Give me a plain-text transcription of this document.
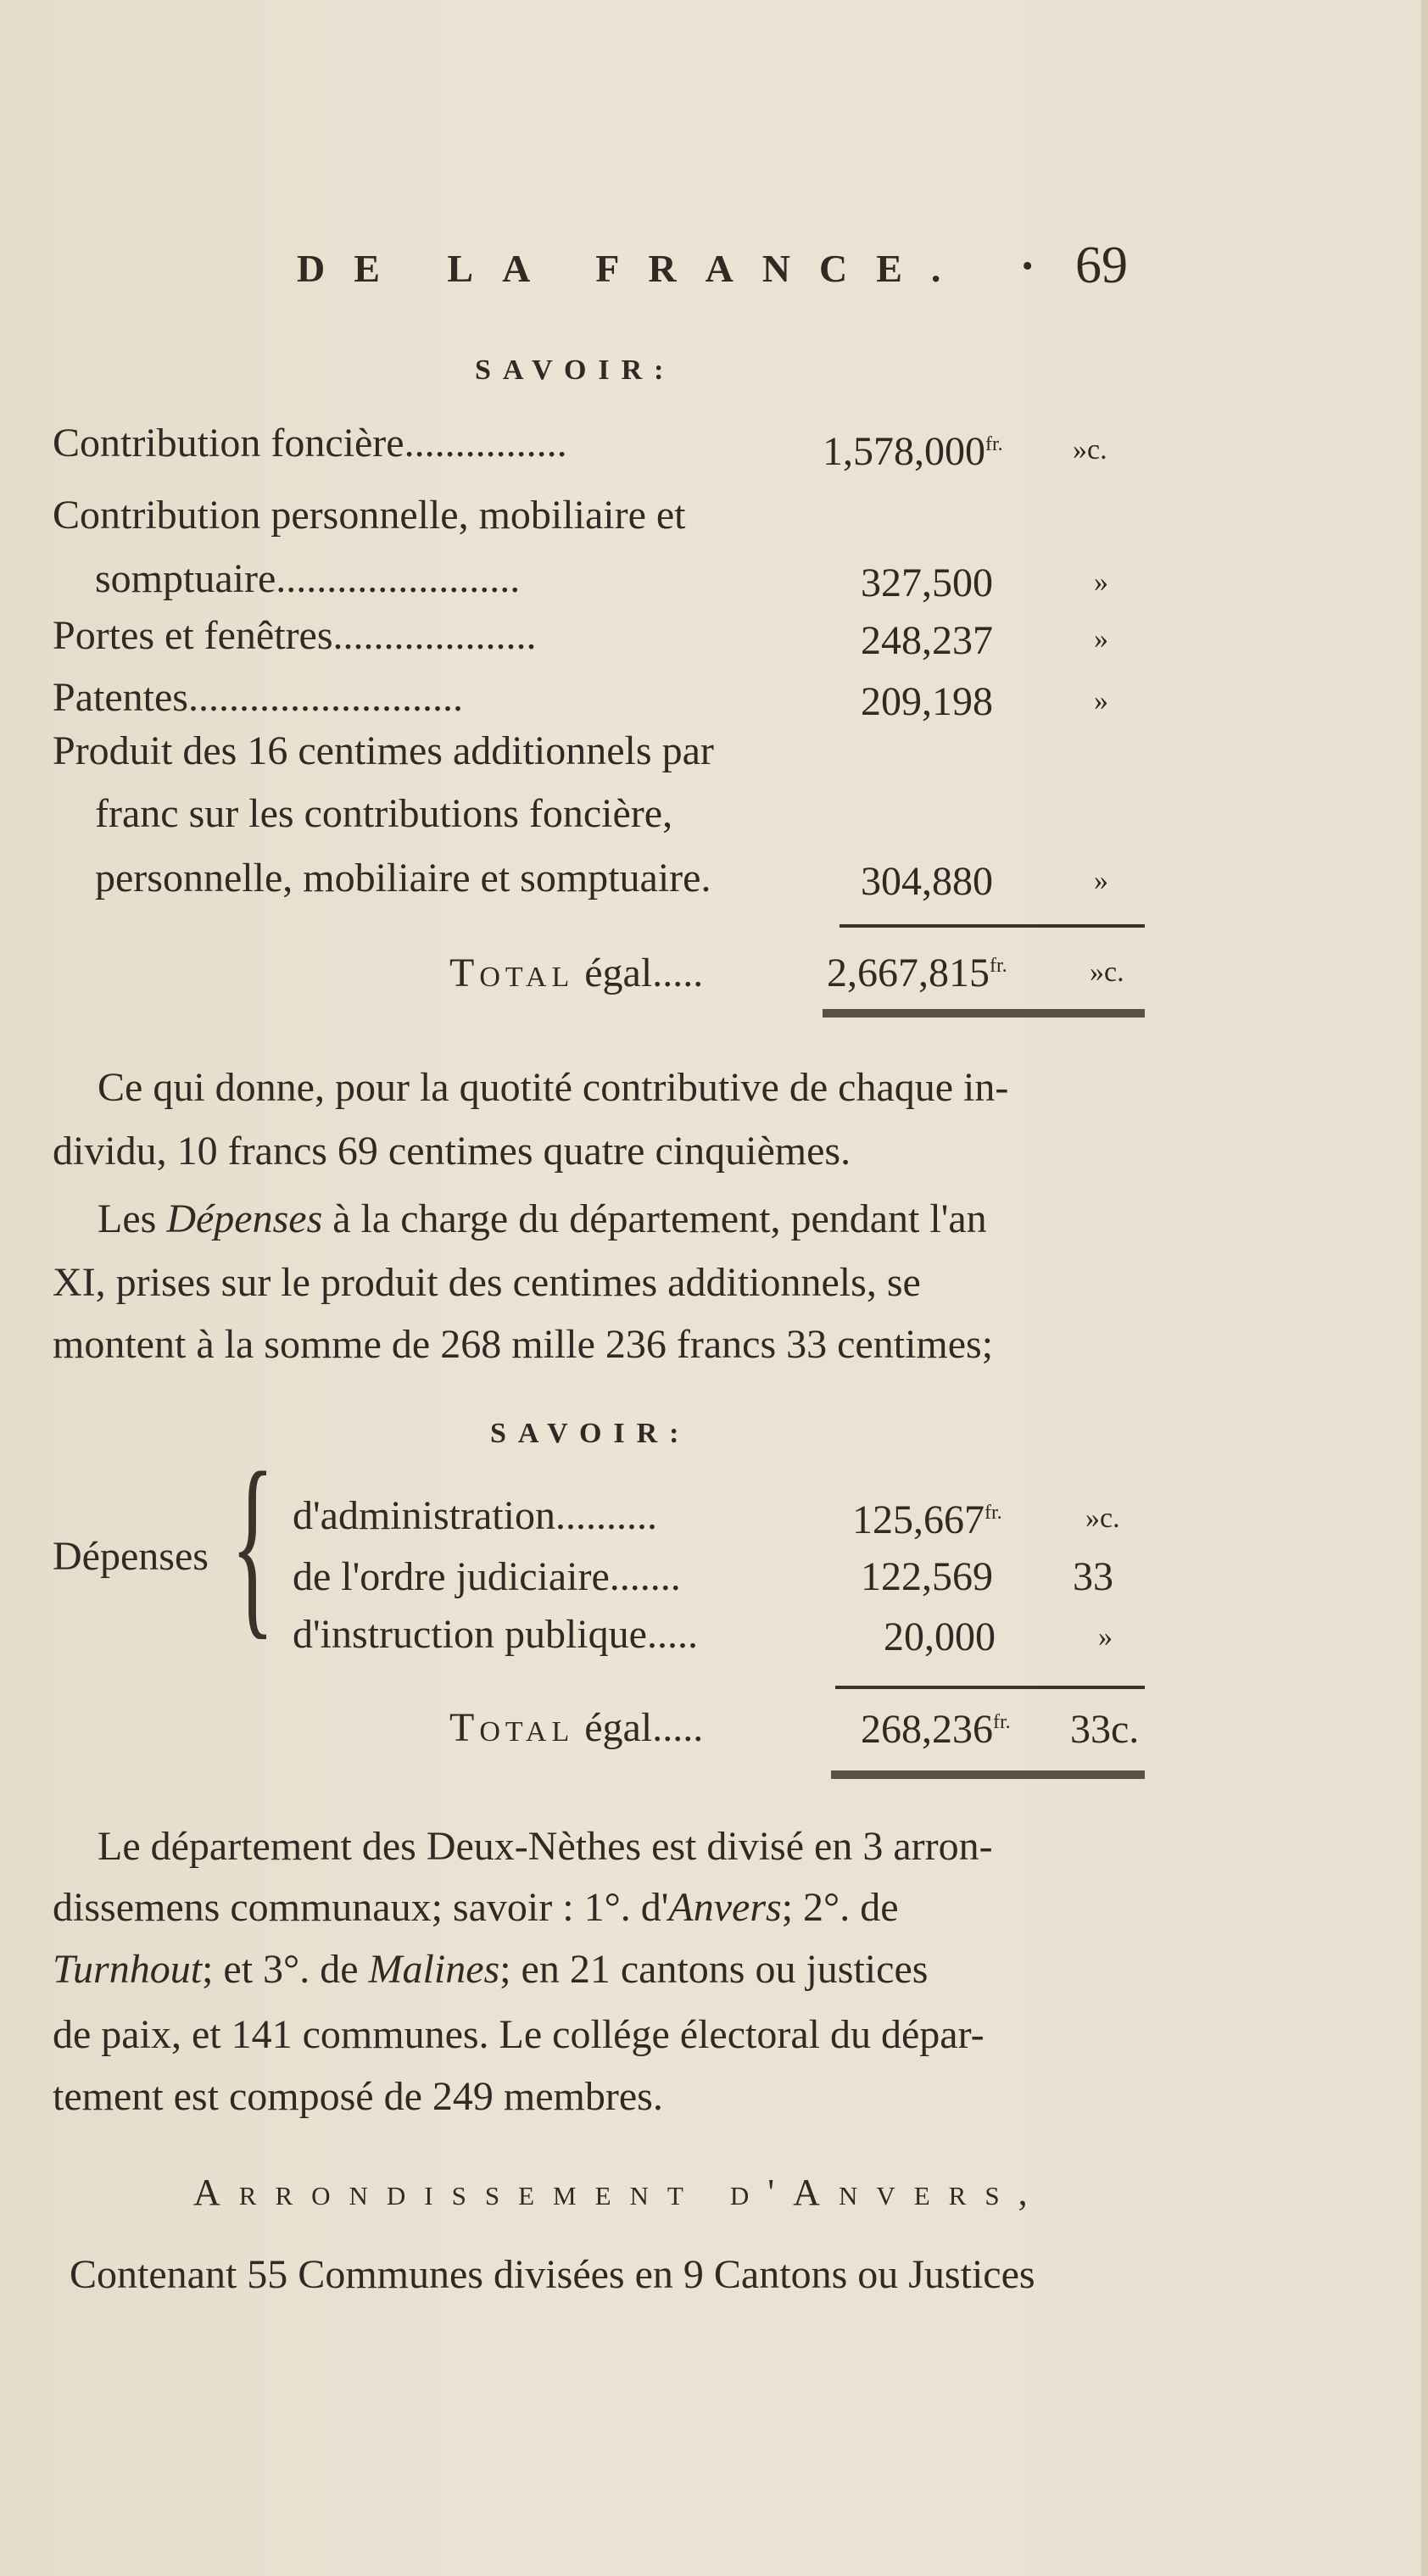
DE LA FRANCE. • 69
SAVOIR:
Contribution foncière................	$1,578,000^{fr.}$ »c.
Contribution personnelle, mobiliaire et
somptuaire........................	327,500	»
Portes et fenêtres....................	248,237	»
Patentes...........................	209,198	»
Produit des 16 centimes additionnels par
franc sur les contributions foncière,
personnelle, mobiliaire et somptuaire.	304,880	»
Total égal.....	$2,667,815^{fr.}$	»c.
Ce qui donne, pour la quotité contributive de chaque in-
dividu, 10 francs 69 centimes quatre cinquièmes.
Les Dépenses à la charge du département, pendant l'an
XI, prises sur le produit des centimes additionnels, se
montent à la somme de 268 mille 236 francs 33 centimes;
SAVOIR:
Dépenses { d'administration..........	$125,667^{fr.}$	»c.
de l'ordre judiciaire.......	122,569 33
d'instruction publique.....	20,000	»
Total égal.....	$268,236^{fr.}$ 33c.
Le département des Deux-Nèthes est divisé en 3 arron-
dissemens communaux; savoir : 1°. d'Anvers; 2°. de
Turnhout; et 3°. de Malines; en 21 cantons ou justices
de paix, et 141 communes. Le collége électoral du dépar-
tement est composé de 249 membres.
Arrondissement d'Anvers,
Contenant 55 Communes divisées en 9 Cantons ou Justices
